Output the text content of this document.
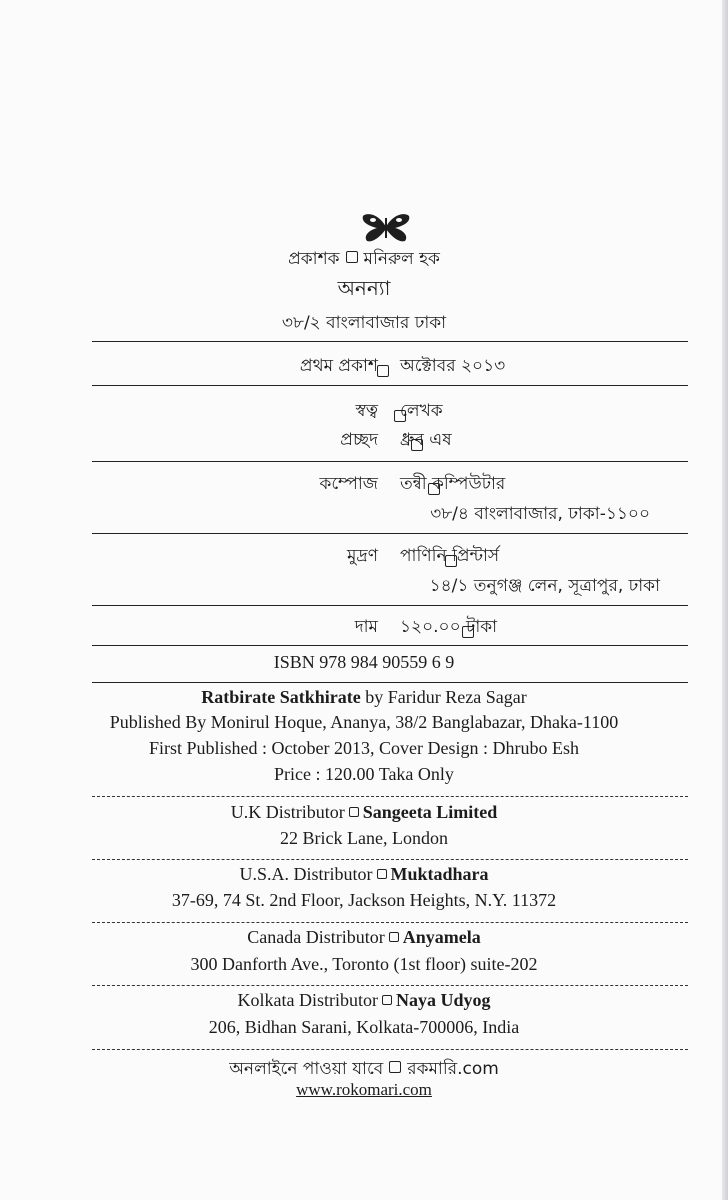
প্রকাশক মনিরুল হক
অনন্যা
৩৮/২ বাংলাবাজার ঢাকা
প্রথম প্রকাশ
অক্টোবর ২০১৩
স্বত্ব
লেখক
প্রচ্ছদ
ধ্রুব এষ
কম্পোজ
তন্বী কম্পিউটার
৩৮/৪ বাংলাবাজার, ঢাকা-১১০০
মুদ্রণ
পাণিনি প্রিন্টার্স
১৪/১ তনুগঞ্জ লেন, সূত্রাপুর, ঢাকা
দাম ১২০.০০ টাকা
ISBN 978 984 90559 6 9
Ratbirate Satkhirate by Faridur Reza Sagar
Published By Monirul Hoque, Ananya, 38/2 Banglabazar, Dhaka-1100
First Published : October 2013, Cover Design : Dhrubo Esh
Price : 120.00 Taka Only
U.K Distributor Sangeeta Limited
22 Brick Lane, London
U.S.A. Distributor Muktadhara
37-69, 74 St. 2nd Floor, Jackson Heights, N.Y. 11372
Canada Distributor Anyamela
300 Danforth Ave., Toronto (1st floor) suite-202
Kolkata Distributor Naya Udyog
206, Bidhan Sarani, Kolkata-700006, India
অনলাইনে পাওয়া যাবে রকমারি.com
www.rokomari.com
